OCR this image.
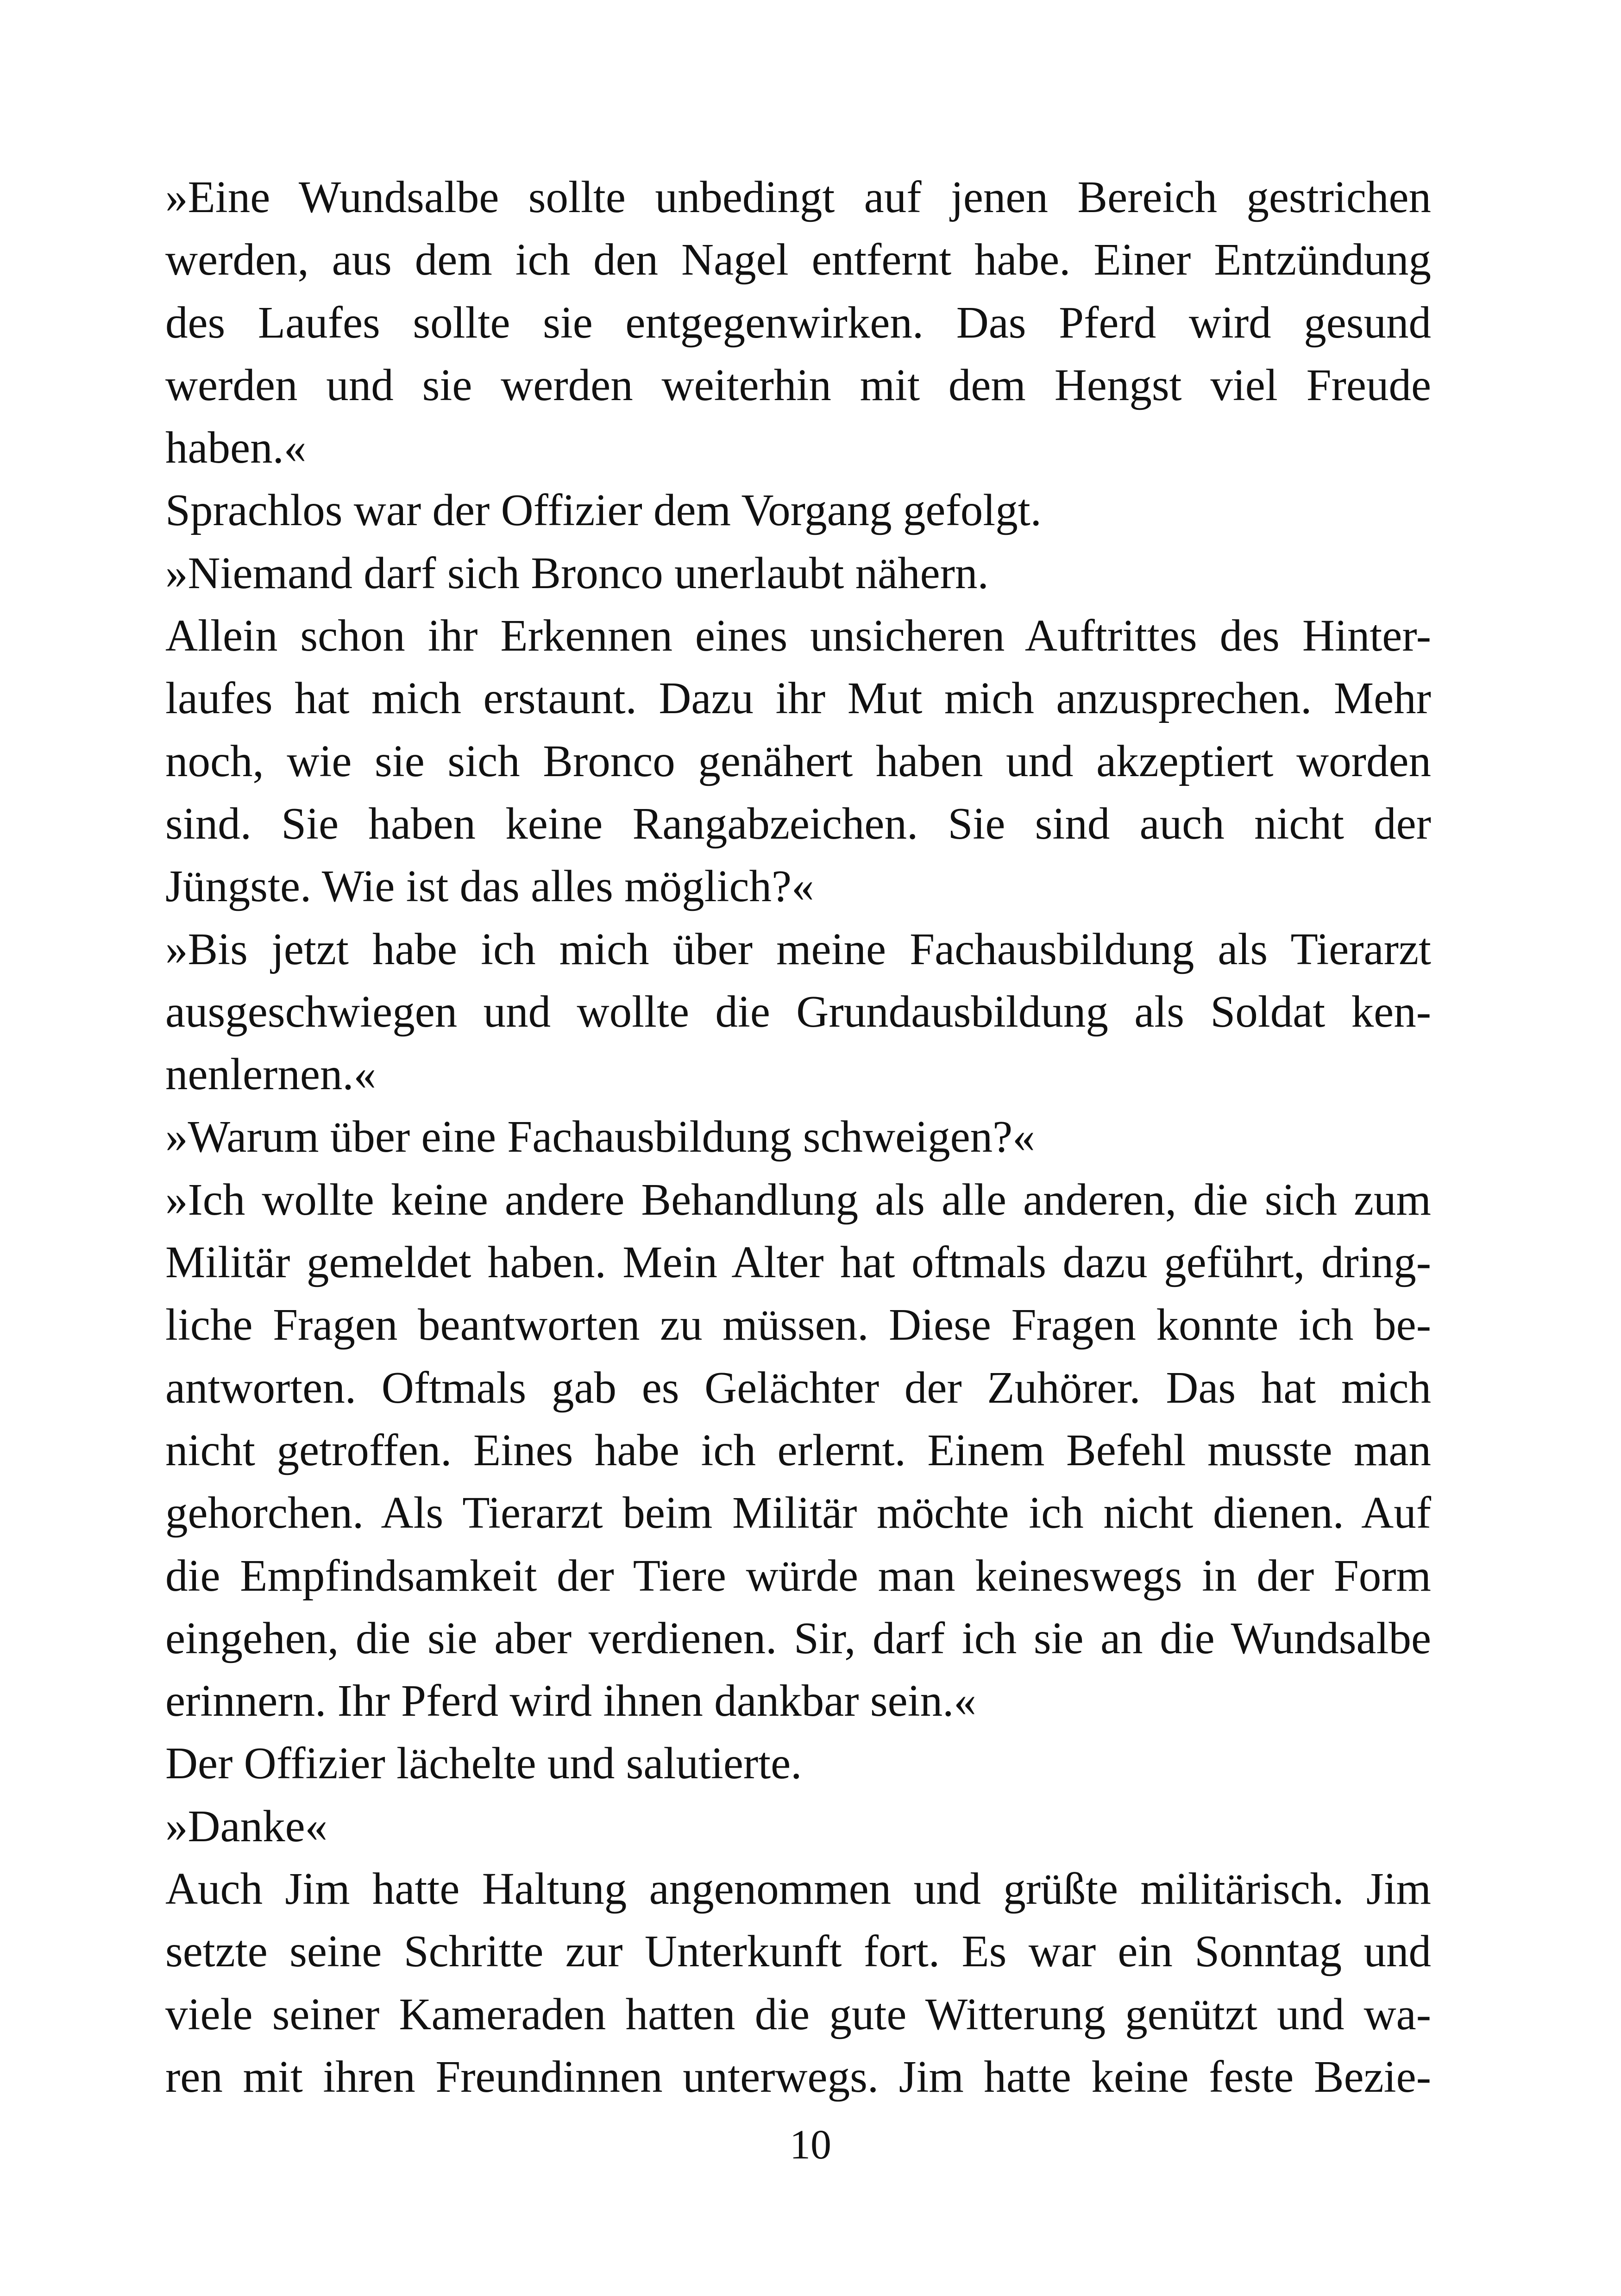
»Eine Wundsalbe sollte unbedingt auf jenen Bereich gestrichen
werden, aus dem ich den Nagel entfernt habe. Einer Entzündung
des Laufes sollte sie entgegenwirken. Das Pferd wird gesund
werden und sie werden weiterhin mit dem Hengst viel Freude
haben.«
Sprachlos war der Offizier dem Vorgang gefolgt.
»Niemand darf sich Bronco unerlaubt nähern.
Allein schon ihr Erkennen eines unsicheren Auftrittes des Hinter-
laufes hat mich erstaunt. Dazu ihr Mut mich anzusprechen. Mehr
noch, wie sie sich Bronco genähert haben und akzeptiert worden
sind. Sie haben keine Rangabzeichen. Sie sind auch nicht der
Jüngste. Wie ist das alles möglich?«
»Bis jetzt habe ich mich über meine Fachausbildung als Tierarzt
ausgeschwiegen und wollte die Grundausbildung als Soldat ken-
nenlernen.«
»Warum über eine Fachausbildung schweigen?«
»Ich wollte keine andere Behandlung als alle anderen, die sich zum
Militär gemeldet haben. Mein Alter hat oftmals dazu geführt, dring-
liche Fragen beantworten zu müssen. Diese Fragen konnte ich be-
antworten. Oftmals gab es Gelächter der Zuhörer. Das hat mich
nicht getroffen. Eines habe ich erlernt. Einem Befehl musste man
gehorchen. Als Tierarzt beim Militär möchte ich nicht dienen. Auf
die Empfindsamkeit der Tiere würde man keineswegs in der Form
eingehen, die sie aber verdienen. Sir, darf ich sie an die Wundsalbe
erinnern. Ihr Pferd wird ihnen dankbar sein.«
Der Offizier lächelte und salutierte.
»Danke«
Auch Jim hatte Haltung angenommen und grüßte militärisch. Jim
setzte seine Schritte zur Unterkunft fort. Es war ein Sonntag und
viele seiner Kameraden hatten die gute Witterung genützt und wa-
ren mit ihren Freundinnen unterwegs. Jim hatte keine feste Bezie-
10
